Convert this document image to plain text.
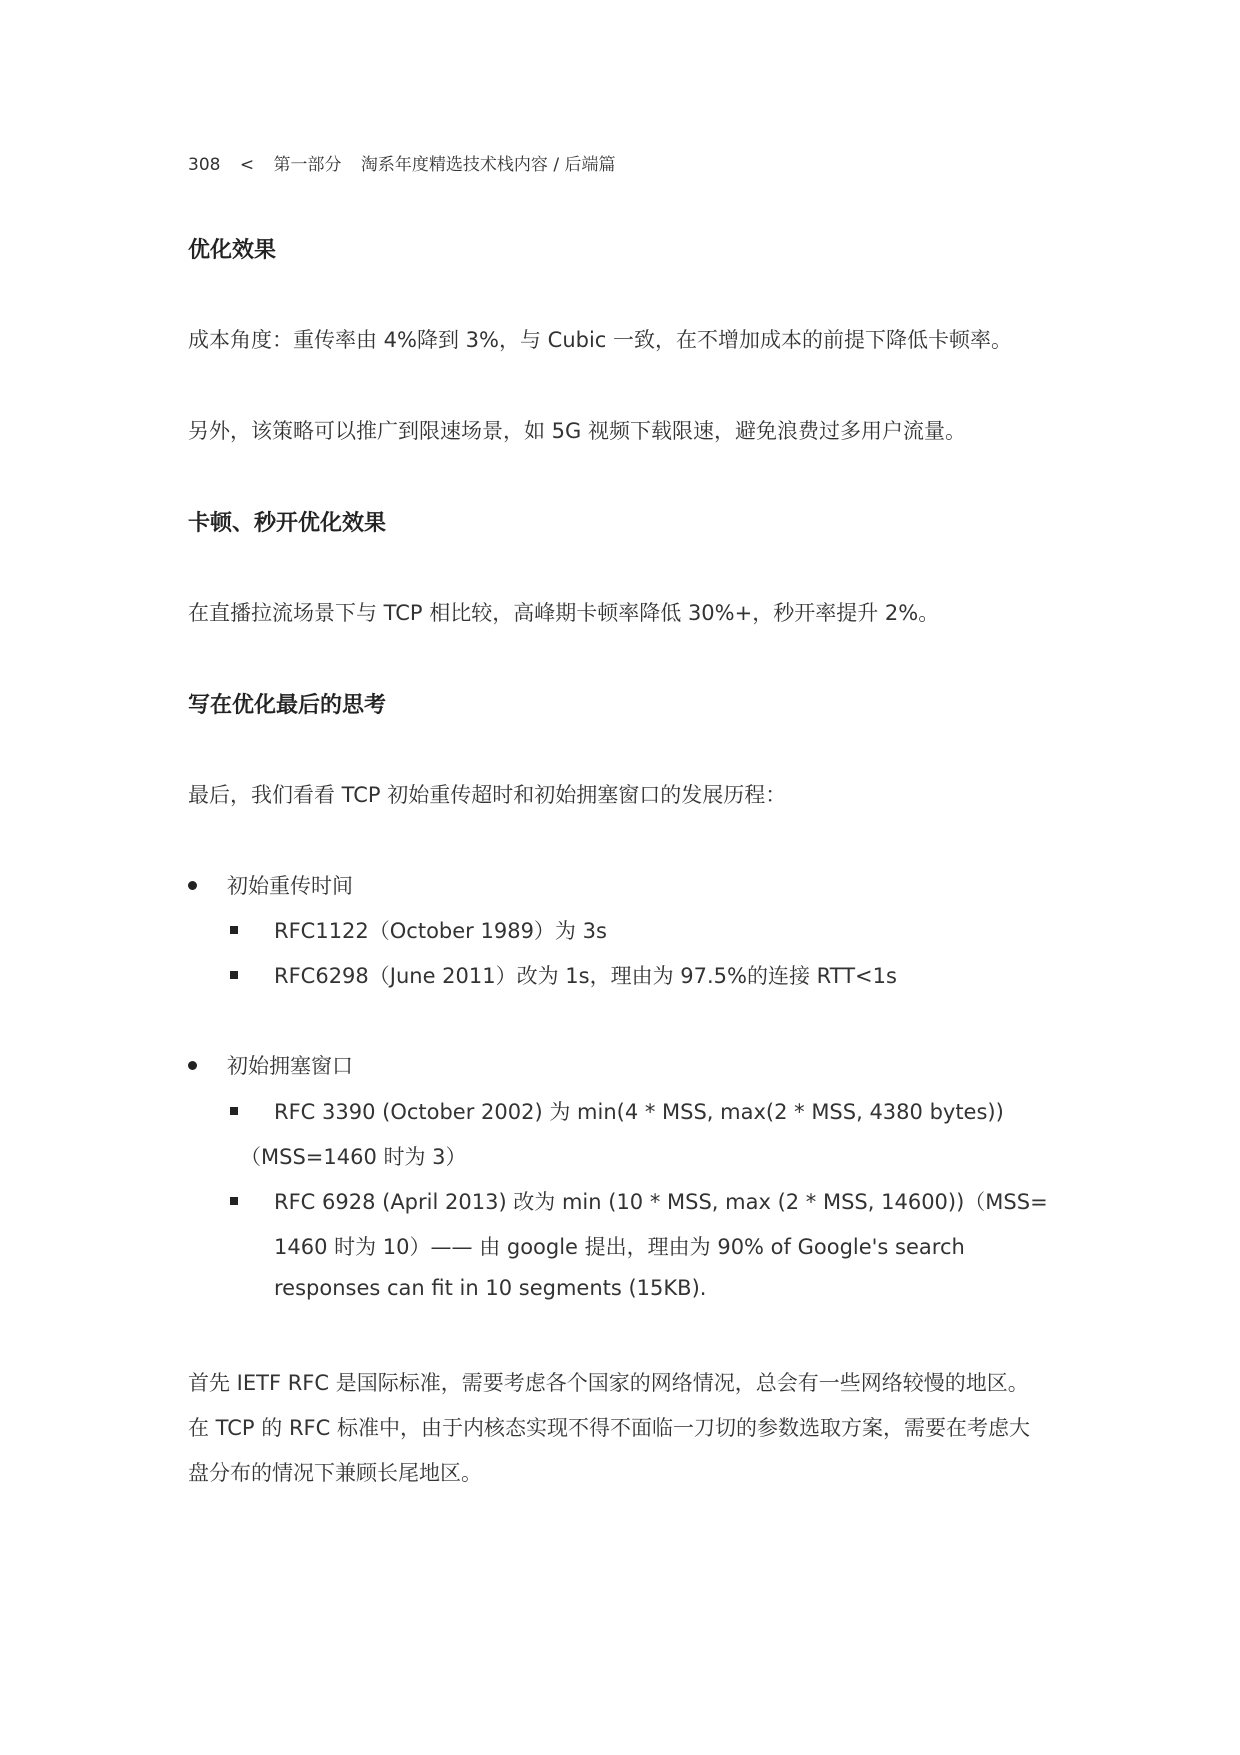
308 < 第一部分 淘系年度精选技术栈内容 / 后端篇
优化效果
成本角度：重传率由 4%降到 3%，与 Cubic 一致，在不增加成本的前提下降低卡顿率。
另外，该策略可以推广到限速场景，如 5G 视频下载限速，避免浪费过多用户流量。
卡顿、秒开优化效果
在直播拉流场景下与 TCP 相比较，高峰期卡顿率降低 30%+，秒开率提升 2%。
写在优化最后的思考
最后，我们看看 TCP 初始重传超时和初始拥塞窗口的发展历程：
初始重传时间
RFC1122（October 1989）为 3s
RFC6298（June 2011）改为 1s，理由为 97.5%的连接 RTT<1s
初始拥塞窗口
RFC 3390 (October 2002) 为 min(4 * MSS, max(2 * MSS, 4380 bytes))
（MSS=1460 时为 3）
RFC 6928 (April 2013) 改为 min (10 * MSS, max (2 * MSS, 14600))（MSS=
1460 时为 10）—— 由 google 提出，理由为 90% of Google's search
responses can fit in 10 segments (15KB).
首先 IETF RFC 是国际标准，需要考虑各个国家的网络情况，总会有一些网络较慢的地区。
在 TCP 的 RFC 标准中，由于内核态实现不得不面临一刀切的参数选取方案，需要在考虑大
盘分布的情况下兼顾长尾地区。
